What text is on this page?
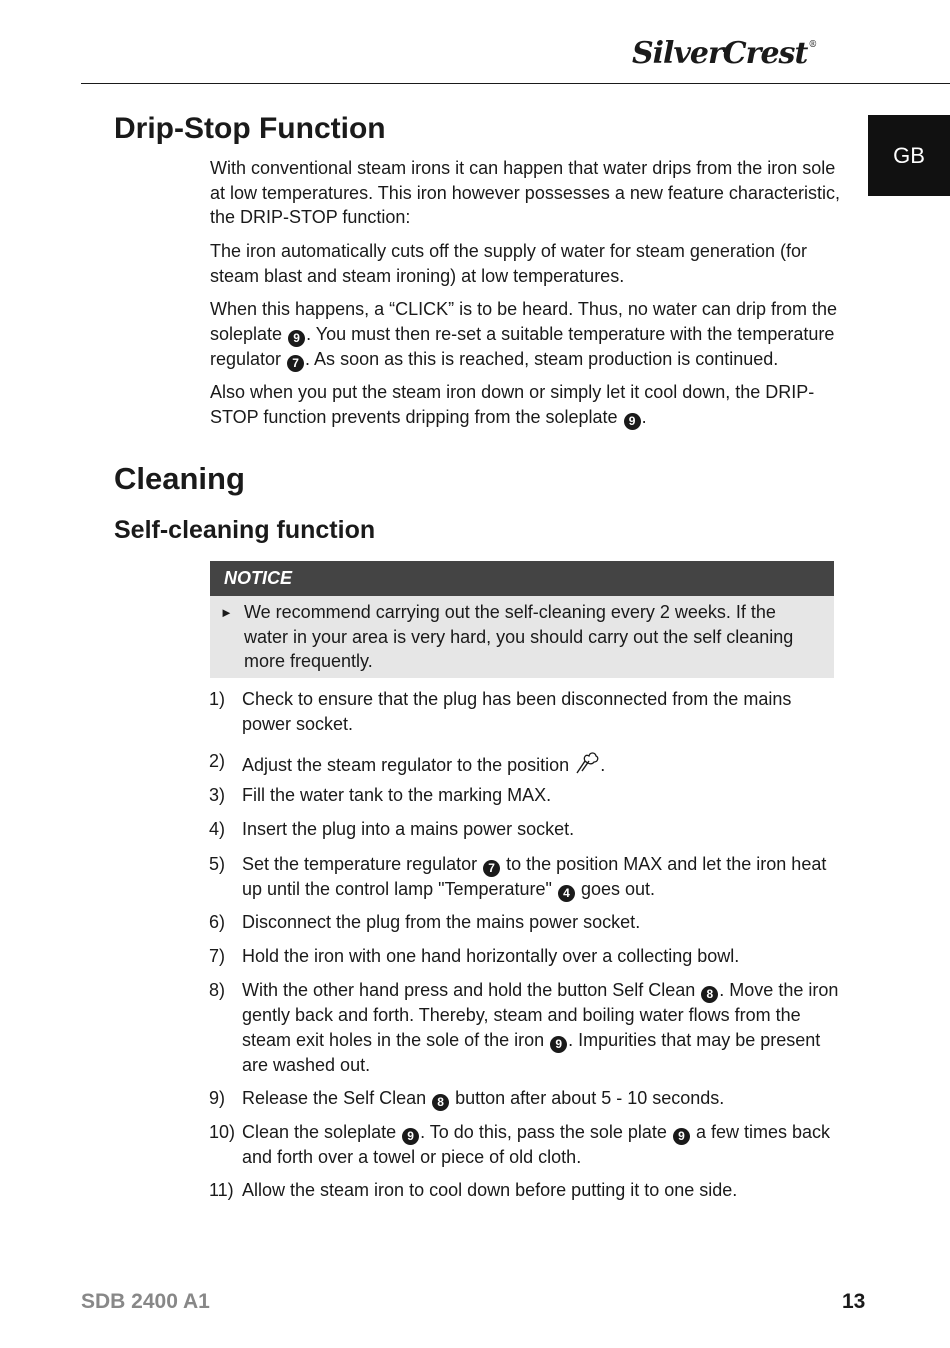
SilverCrest®
GB
Drip-Stop Function

With conventional steam irons it can happen that water drips from the iron sole at low temperatures. This iron however possesses a new feature characteristic, the DRIP-STOP function:

The iron automatically cuts off the supply of water for steam generation (for steam blast and steam ironing) at low temperatures.

When this happens, a “CLICK” is to be heard. Thus, no water can drip from the soleplate 9 . You must then re-set a suitable temperature with the temperature regulator 7 . As soon as this is reached, steam production is continued.

Also when you put the steam iron down or simply let it cool down, the DRIP-STOP function prevents dripping from the soleplate 9 .

Cleaning
Self-cleaning function
NOTICE
► We recommend carrying out the self-cleaning every 2 weeks. If the water in your area is very hard, you should carry out the self cleaning more frequently.
1) Check to ensure that the plug has been disconnected from the mains power socket.
2) Adjust the steam regulator to the position .
3) Fill the water tank to the marking MAX.
4) Insert the plug into a mains power socket.
5) Set the temperature regulator 7 to the position MAX and let the iron heat up until the control lamp "Temperature" 4 goes out.
6) Disconnect the plug from the mains power socket.
7) Hold the iron with one hand horizontally over a collecting bowl.
8) With the other hand press and hold the button Self Clean 8 . Move the iron gently back and forth. Thereby, steam and boiling water flows from the steam exit holes in the sole of the iron 9 . Impurities that may be present are washed out.
9) Release the Self Clean 8 button after about 5 - 10 seconds.
10) Clean the soleplate 9 . To do this, pass the sole plate 9 a few times back and forth over a towel or piece of old cloth.
11) Allow the steam iron to cool down before putting it to one side.
SDB 2400 A1	13
